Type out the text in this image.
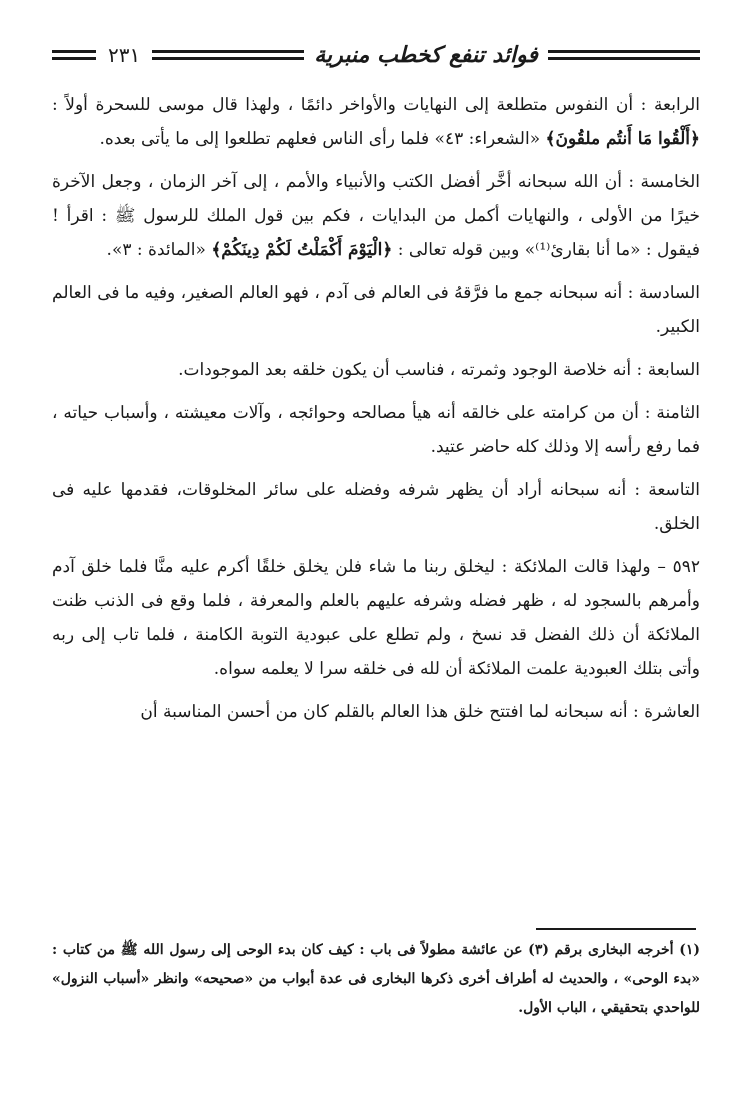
فوائد تنفع كخطب منبرية
٢٣١

الرابعة : أن النفوس متطلعة إلى النهايات والأواخر دائمًا ، ولهذا قال موسى للسحرة أولاً : ﴿أَلْقُوا مَا أَنتُم ملقُونَ﴾ «الشعراء: ٤٣» فلما رأى الناس فعلهم تطلعوا إلى ما يأتى بعده.

الخامسة : أن الله سبحانه أخَّر أفضل الكتب والأنبياء والأمم ، إلى آخر الزمان ، وجعل الآخرة خيرًا من الأولى ، والنهايات أكمل من البدايات ، فكم بين قول الملك للرسول ﷺ : اقرأ ! فيقول : «ما أنا بقارئ⁽¹⁾» وبين قوله تعالى : ﴿الْيَوْمَ أَكْمَلْتُ لَكُمْ دِينَكُمْ﴾ «المائدة : ٣».

السادسة : أنه سبحانه جمع ما فرَّقهُ فى العالم فى آدم ، فهو العالم الصغير، وفيه ما فى العالم الكبير.

السابعة : أنه خلاصة الوجود وثمرته ، فناسب أن يكون خلقه بعد الموجودات.

الثامنة : أن من كرامته على خالقه أنه هيأ مصالحه وحوائجه ، وآلات معيشته ، وأسباب حياته ، فما رفع رأسه إلا وذلك كله حاضر عتيد.

التاسعة : أنه سبحانه أراد أن يظهر شرفه وفضله على سائر المخلوقات، فقدمها عليه فى الخلق.

٥٩٢ – ولهذا قالت الملائكة : ليخلق ربنا ما شاء فلن يخلق خلقًا أكرم عليه منَّا فلما خلق آدم وأمرهم بالسجود له ، ظهر فضله وشرفه عليهم بالعلم والمعرفة ، فلما وقع فى الذنب ظنت الملائكة أن ذلك الفضل قد نسخ ، ولم تطلع على عبودية التوبة الكامنة ، فلما تاب إلى ربه وأتى بتلك العبودية علمت الملائكة أن لله فى خلقه سرا لا يعلمه سواه.

العاشرة : أنه سبحانه لما افتتح خلق هذا العالم بالقلم كان من أحسن المناسبة أن

(١) أخرجه البخارى برقم (٣) عن عائشة مطولاً فى باب : كيف كان بدء الوحى إلى رسول الله ﷺ من كتاب : «بدء الوحى» ، والحديث له أطراف أخرى ذكرها البخارى فى عدة أبواب من «صحيحه» وانظر «أسباب النزول» للواحدي بتحقيقي ، الباب الأول.
